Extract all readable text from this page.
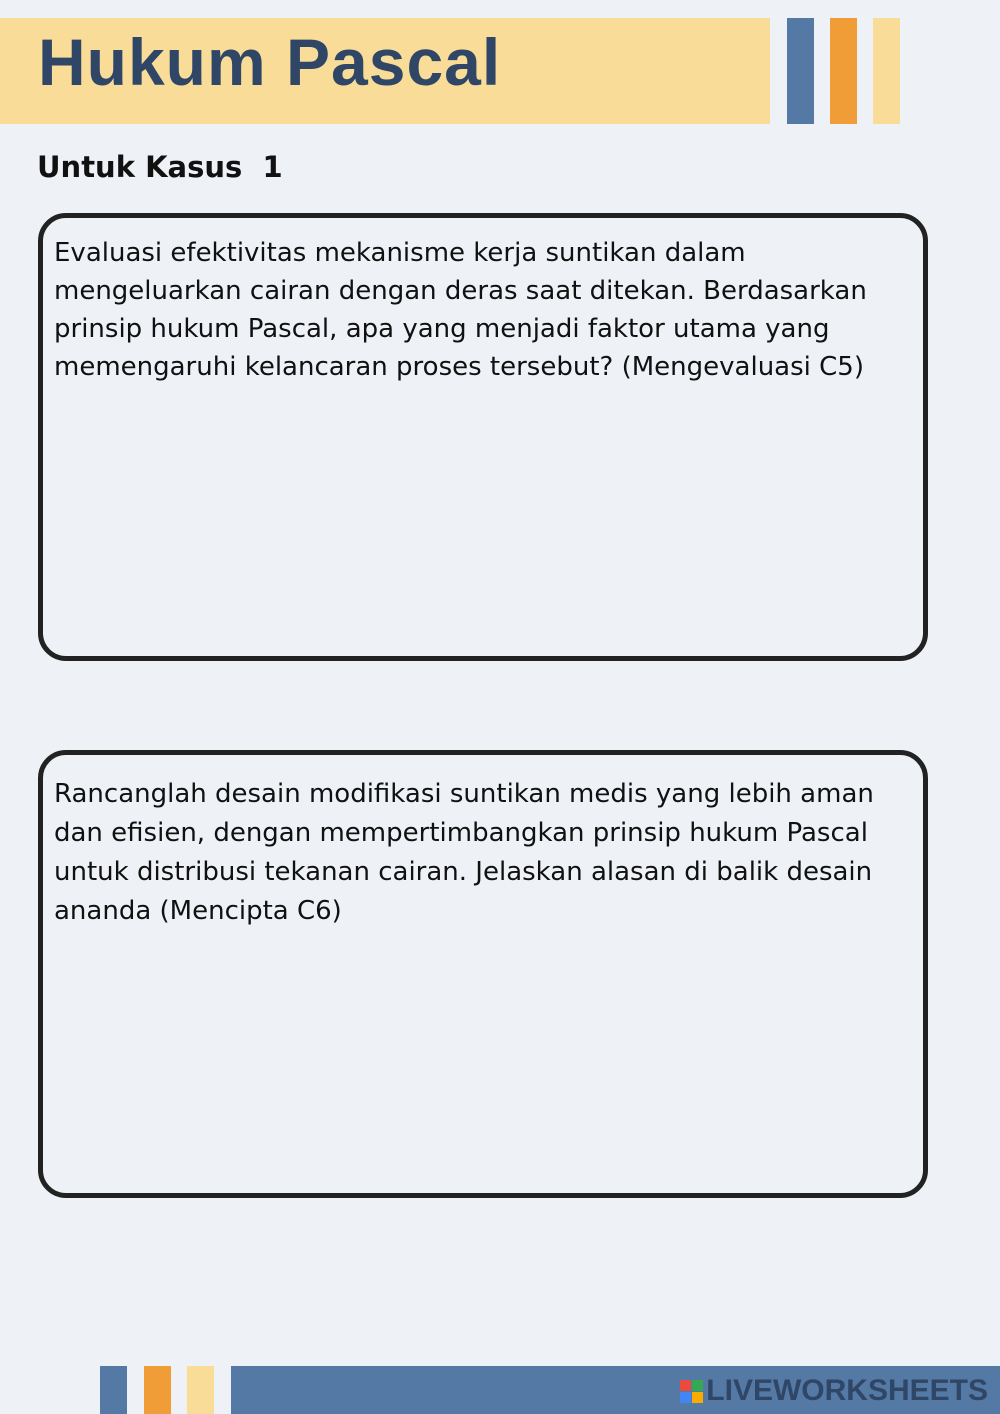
Hukum Pascal
Untuk Kasus  1

Evaluasi efektivitas mekanisme kerja suntikan dalam mengeluarkan cairan dengan deras saat ditekan. Berdasarkan prinsip hukum Pascal, apa yang menjadi faktor utama yang memengaruhi kelancaran proses tersebut? (Mengevaluasi C5)

Rancanglah desain modifikasi suntikan medis yang lebih aman dan efisien, dengan mempertimbangkan prinsip hukum Pascal untuk distribusi tekanan cairan. Jelaskan alasan di balik desain ananda (Mencipta C6)

LIVEWORKSHEETS
